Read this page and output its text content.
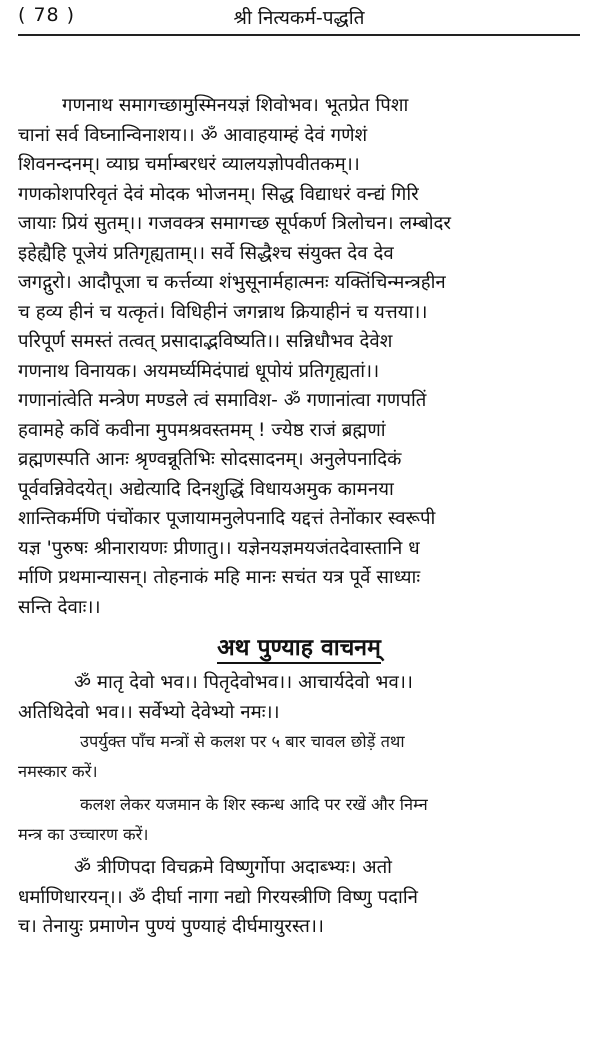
( 78 )	श्री नित्यकर्म-पद्धति
गणनाथ समागच्छामुस्मिनयज्ञं शिवोभव। भूतप्रेत पिशा
चानां सर्व विघ्नान्विनाशय।। ॐ आवाहयाम्हं देवं गणेशं
शिवनन्दनम्। व्याघ्र चर्माम्बरधरं व्यालयज्ञोपवीतकम्।।
गणकोशपरिवृतं देवं मोदक भोजनम्। सिद्ध विद्याधरं वन्द्यं गिरि
जायाः प्रियं सुतम्।। गजवक्त्र समागच्छ सूर्पकर्ण त्रिलोचन। लम्बोदर
इहेह्यैहि पूजेयं प्रतिगृह्यताम्।। सर्वे सिद्धैश्च संयुक्त देव देव
जगद्गुरो। आदौपूजा च कर्त्तव्या शंभुसूनार्महात्मनः यक्तिंचिन्मन्त्रहीन
च हव्य हीनं च यत्कृतं। विधिहीनं जगन्नाथ क्रियाहीनं च यत्तया।।
परिपूर्ण समस्तं तत्वत् प्रसादाद्भविष्यति।। सन्निधौभव देवेश
गणनाथ विनायक। अयमर्घ्यमिदंपाद्यं धूपोयं प्रतिगृह्यतां।।
गणानांत्वेति मन्त्रेण मण्डले त्वं समाविश- ॐ गणानांत्वा गणपतिं
हवामहे कविं कवीना मुपमश्रवस्तमम् ! ज्येष्ठ राजं ब्रह्मणां
व्रह्मणस्पति आनः श्रृण्वन्नूतिभिः सोदसादनम्। अनुलेपनादिकं
पूर्ववन्निवेदयेत्। अद्येत्यादि दिनशुद्धिं विधायअमुक कामनया
शान्तिकर्मणि पंचोंकार पूजायामनुलेपनादि यद्दत्तं तेनोंकार स्वरूपी
यज्ञ 'पुरुषः श्रीनारायणः प्रीणातु।। यज्ञेनयज्ञमयजंतदेवास्तानि ध
र्माणि प्रथमान्यासन्। तोहनाकं महि मानः सचंत यत्र पूर्वे साध्याः
सन्ति देवाः।।
अथ पुण्याह वाचनम्
ॐ मातृ देवो भव।। पितृदेवोभव।। आचार्यदेवो भव।।
अतिथिदेवो भव।। सर्वेभ्यो देवेभ्यो नमः।।
उपर्युक्त पाँच मन्त्रों से कलश पर ५ बार चावल छोड़ें तथा
नमस्कार करें।
कलश लेकर यजमान के शिर स्कन्ध आदि पर रखें और निम्न
मन्त्र का उच्चारण करें।
ॐ त्रीणिपदा विचक्रमे विष्णुर्गोपा अदाब्भ्यः। अतो
धर्माणिधारयन्।। ॐ दीर्घा नागा नद्यो गिरयस्त्रीणि विष्णु पदानि
च। तेनायुः प्रमाणेन पुण्यं पुण्याहं दीर्घमायुरस्त।।
